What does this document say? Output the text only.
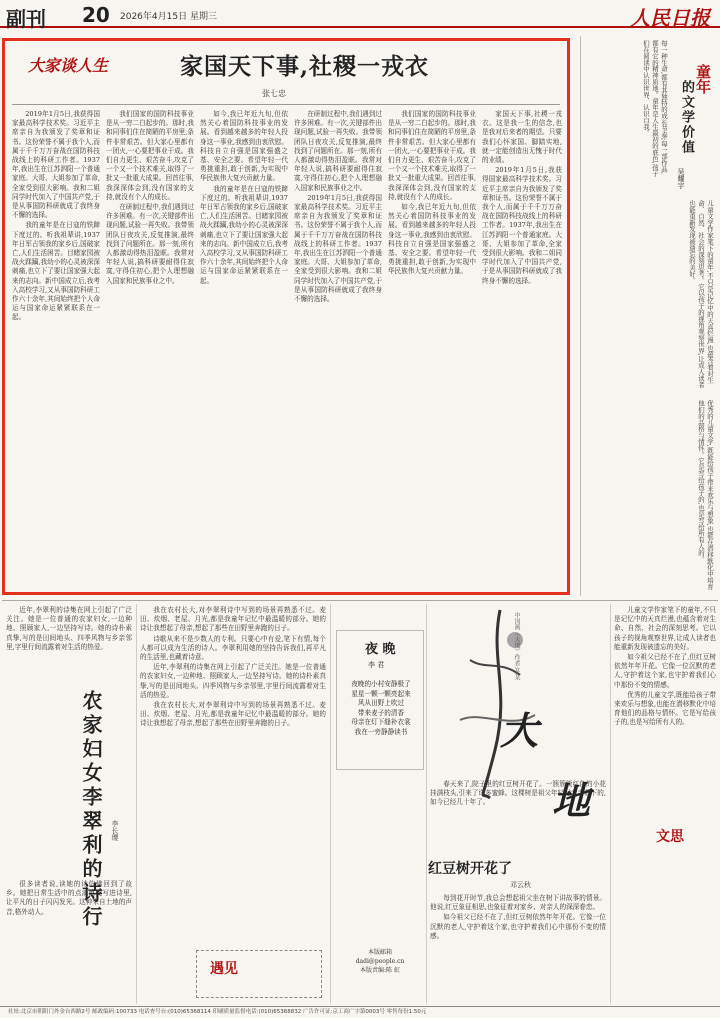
副刊 20 2026年4月15日 星期三	人民日报
大家谈人生	家国天下事,社稷一戎衣
张七忠

2019年1月5日,我获得国家最高科学技术奖。习近平主席亲自为我颁发了奖章和证书。这份荣誉不属于我个人,而属于千千万万奋战在国防科技战线上的科研工作者。1937年,我出生在江苏泗阳一个普通家庭。大哥、大姐参加了革命,全家受到很大影响。我和二姐同学时代加入了中国共产党,于是从事国防科研就成了我终身不懈的选择。

我的童年是在日寇的铁蹄下度过的。听我祖辈讲,1937年日军占领我的家乡后,国破家亡,人们生活困苦。目睹家园被战火蹂躏,我幼小的心灵被深深刺痛,也立下了要让国家强大起来的志向。新中国成立后,我考入高校学习,又从事国防科研工作六十余年,其间始终把个人命运与国家命运紧紧联系在一起。

我们国家的国防科技事业是从一穷二白起步的。那时,我和同事们住在简陋的平房里,条件非常艰苦。但大家心里都有一团火,一心要把事业干成。我们自力更生、艰苦奋斗,攻克了一个又一个技术难关,取得了一批又一批重大成果。回首往事,我深深体会到,没有国家的支持,就没有个人的成长。

在研制过程中,我们遇到过许多困难。有一次,关键部件出现问题,试验一再失败。我带领团队日夜攻关,反复推演,最终找到了问题所在。那一刻,所有人都激动得热泪盈眶。我常对年轻人说,搞科研要耐得住寂寞,守得住初心,把个人理想融入国家和民族事业之中。

如今,我已年近九旬,但依然关心着国防科技事业的发展。看到越来越多的年轻人投身这一事业,我感到由衷欣慰。科技自立自强是国家强盛之基、安全之要。希望年轻一代勇挑重担,敢于创新,为实现中华民族伟大复兴贡献力量。

我的童年是在日寇的铁蹄下度过的。听我祖辈讲,1937年日军占领我的家乡后,国破家亡,人们生活困苦。目睹家园被战火蹂躏,我幼小的心灵被深深刺痛,也立下了要让国家强大起来的志向。新中国成立后,我考入高校学习,又从事国防科研工作六十余年,其间始终把个人命运与国家命运紧紧联系在一起。

在研制过程中,我们遇到过许多困难。有一次,关键部件出现问题,试验一再失败。我带领团队日夜攻关,反复推演,最终找到了问题所在。那一刻,所有人都激动得热泪盈眶。我常对年轻人说,搞科研要耐得住寂寞,守得住初心,把个人理想融入国家和民族事业之中。

2019年1月5日,我获得国家最高科学技术奖。习近平主席亲自为我颁发了奖章和证书。这份荣誉不属于我个人,而属于千千万万奋战在国防科技战线上的科研工作者。1937年,我出生在江苏泗阳一个普通家庭。大哥、大姐参加了革命,全家受到很大影响。我和二姐同学时代加入了中国共产党,于是从事国防科研就成了我终身不懈的选择。

我们国家的国防科技事业是从一穷二白起步的。那时,我和同事们住在简陋的平房里,条件非常艰苦。但大家心里都有一团火,一心要把事业干成。我们自力更生、艰苦奋斗,攻克了一个又一个技术难关,取得了一批又一批重大成果。回首往事,我深深体会到,没有国家的支持,就没有个人的成长。

如今,我已年近九旬,但依然关心着国防科技事业的发展。看到越来越多的年轻人投身这一事业,我感到由衷欣慰。科技自立自强是国家强盛之基、安全之要。希望年轻一代勇挑重担,敢于创新,为实现中华民族伟大复兴贡献力量。

家国天下事,社稷一戎衣。这是我一生的信念,也是我对后来者的期望。只要我们心怀家国、脚踏实地,就一定能创造出无愧于时代的业绩。

2019年1月5日,我获得国家最高科学技术奖。习近平主席亲自为我颁发了奖章和证书。这份荣誉不属于我个人,而属于千千万万奋战在国防科技战线上的科研工作者。1937年,我出生在江苏泗阳一个普通家庭。大哥、大姐参加了革命,全家受到很大影响。我和二姐同学时代加入了中国共产党,于是从事国防科研就成了我终身不懈的选择。

童年
的文学价值
吴耀宇
每一种生命,都有其独特的成长节奏;每一部作品,都有它的精神质地。童年是人生最初的底色,孩子们在阅读中认识世界、认识自我。
儿童文学作家笔下的童年,不只是记忆中的天真烂漫,也蕴含着对生命、自然、社会的深刻思考。它以孩子的视角观察世界,让成人读者也能重新发现被遗忘的美好。
优秀的儿童文学,既能给孩子带来欢乐与想象,也能在潜移默化中培育他们的品格与情怀。它是写给孩子的,也是写给所有人的。

近年,李翠利的诗集在网上引起了广泛关注。她是一位普通的农家妇女,一边种地、照顾家人,一边坚持写诗。她的诗朴素真挚,写的是田间地头、四季风物与乡亲邻里,字里行间流露着对生活的热爱。

农家妇女李翠利的诗行 李长缨

很多读者说,读她的诗仿佛回到了故乡。她把日常生活中的点滴感受写进诗里,让平凡的日子闪闪发光。这种来自土地的声音,格外动人。

我在农村长大,对李翠利诗中写到的场景再熟悉不过。麦田、炊烟、老屋、月光,都是我童年记忆中最温暖的部分。她的诗让我想起了母亲,想起了那些在田野里奔跑的日子。

诗歌从来不是少数人的专利。只要心中有爱,笔下有情,每个人都可以成为生活的诗人。李翠利用她的坚持告诉我们,再平凡的生活里,也藏着诗意。

近年,李翠利的诗集在网上引起了广泛关注。她是一位普通的农家妇女,一边种地、照顾家人,一边坚持写诗。她的诗朴素真挚,写的是田间地头、四季风物与乡亲邻里,字里行间流露着对生活的热爱。

我在农村长大,对李翠利诗中写到的场景再熟悉不过。麦田、炊烟、老屋、月光,都是我童年记忆中最温暖的部分。她的诗让我想起了母亲,想起了那些在田野里奔跑的日子。

夜 晚
李 君
夜晚的小村安静极了
星星一颗一颗亮起来
风从田野上吹过
带来麦子的清香
母亲在灯下缝补衣裳
我在一旁静静读书
中国画《大地》作者:某某
大
地
文思

春天来了,院子里的红豆树开花了。一簇簇淡红色的小花挂满枝头,引来了许多蜜蜂。这棵树是祖父年轻时亲手栽下的,如今已经几十年了。

红豆树开花了
邓云秋

每到花开时节,我总会想起祖父坐在树下讲故事的情景。他说,红豆象征相思,也象征着对家乡、对亲人的深深眷恋。

如今祖父已经不在了,但红豆树依然年年开花。它像一位沉默的老人,守护着这个家,也守护着我们心中那份不变的情感。

儿童文学作家笔下的童年,不只是记忆中的天真烂漫,也蕴含着对生命、自然、社会的深刻思考。它以孩子的视角观察世界,让成人读者也能重新发现被遗忘的美好。

如今祖父已经不在了,但红豆树依然年年开花。它像一位沉默的老人,守护着这个家,也守护着我们心中那份不变的情感。

优秀的儿童文学,既能给孩子带来欢乐与想象,也能在潜移默化中培育他们的品格与情怀。它是写给孩子的,也是写给所有人的。

遇见
本版邮箱
dadi@people.cn
本版责编:陈 虹
社址:北京市朝阳门外金台西路2号 邮政编码:100733 电话查号台:(010)65368114 印刷质量监督电话:(010)65368832 广告许可证:京工商广字第0003号 零售每份1.50元
